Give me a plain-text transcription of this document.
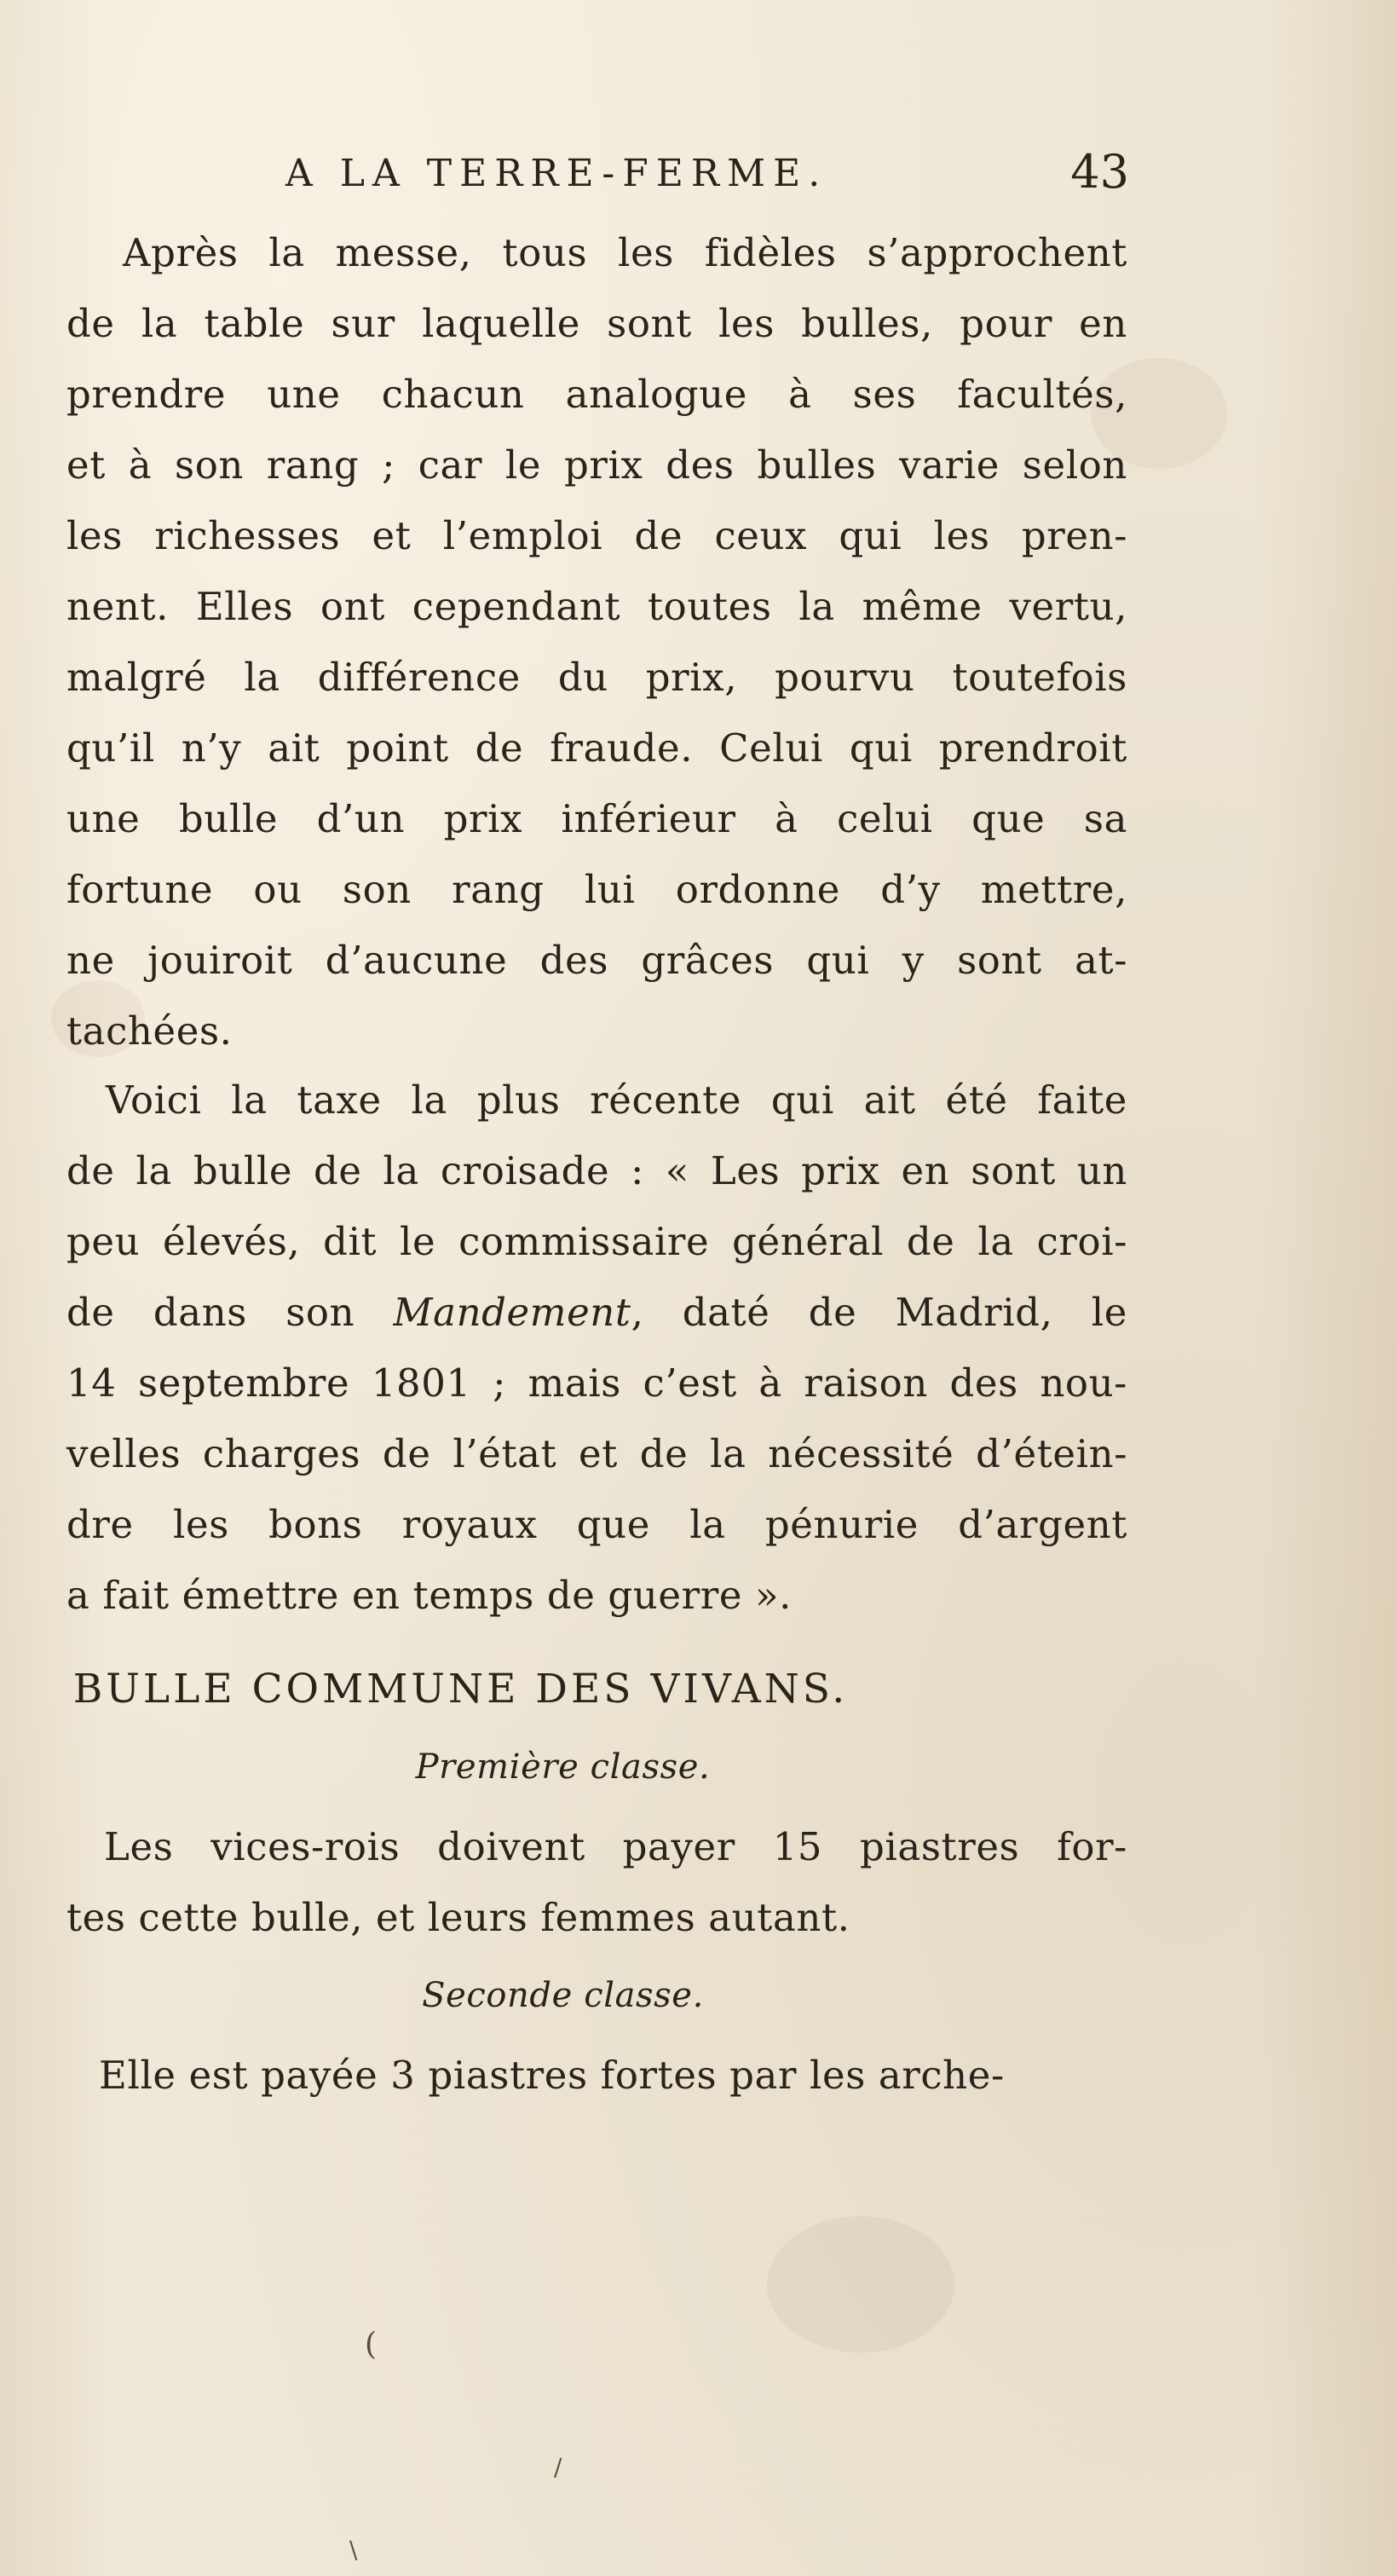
A LA TERRE-FERME.	43
Après la messe, tous les fidèles s’approchent
de la table sur laquelle sont les bulles, pour en
prendre une chacun analogue à ses facultés,
et à son rang ; car le prix des bulles varie selon
les richesses et l’emploi de ceux qui les pren-
nent. Elles ont cependant toutes la même vertu,
malgré la différence du prix, pourvu toutefois
qu’il n’y ait point de fraude. Celui qui prendroit
une bulle d’un prix inférieur à celui que sa
fortune ou son rang lui ordonne d’y mettre,
ne jouiroit d’aucune des grâces qui y sont at-
tachées.
Voici la taxe la plus récente qui ait été faite
de la bulle de la croisade : « Les prix en sont un
peu élevés, dit le commissaire général de la croi-
de dans son Mandement, daté de Madrid, le
14 septembre 1801 ; mais c’est à raison des nou-
velles charges de l’état et de la nécessité d’étein-
dre les bons royaux que la pénurie d’argent
a fait émettre en temps de guerre ».
BULLE COMMUNE DES VIVANS.
Première classe.
Les vices-rois doivent payer 15 piastres for-
tes cette bulle, et leurs femmes autant.
Seconde classe.
Elle est payée 3 piastres fortes par les arche-
(
/
\
